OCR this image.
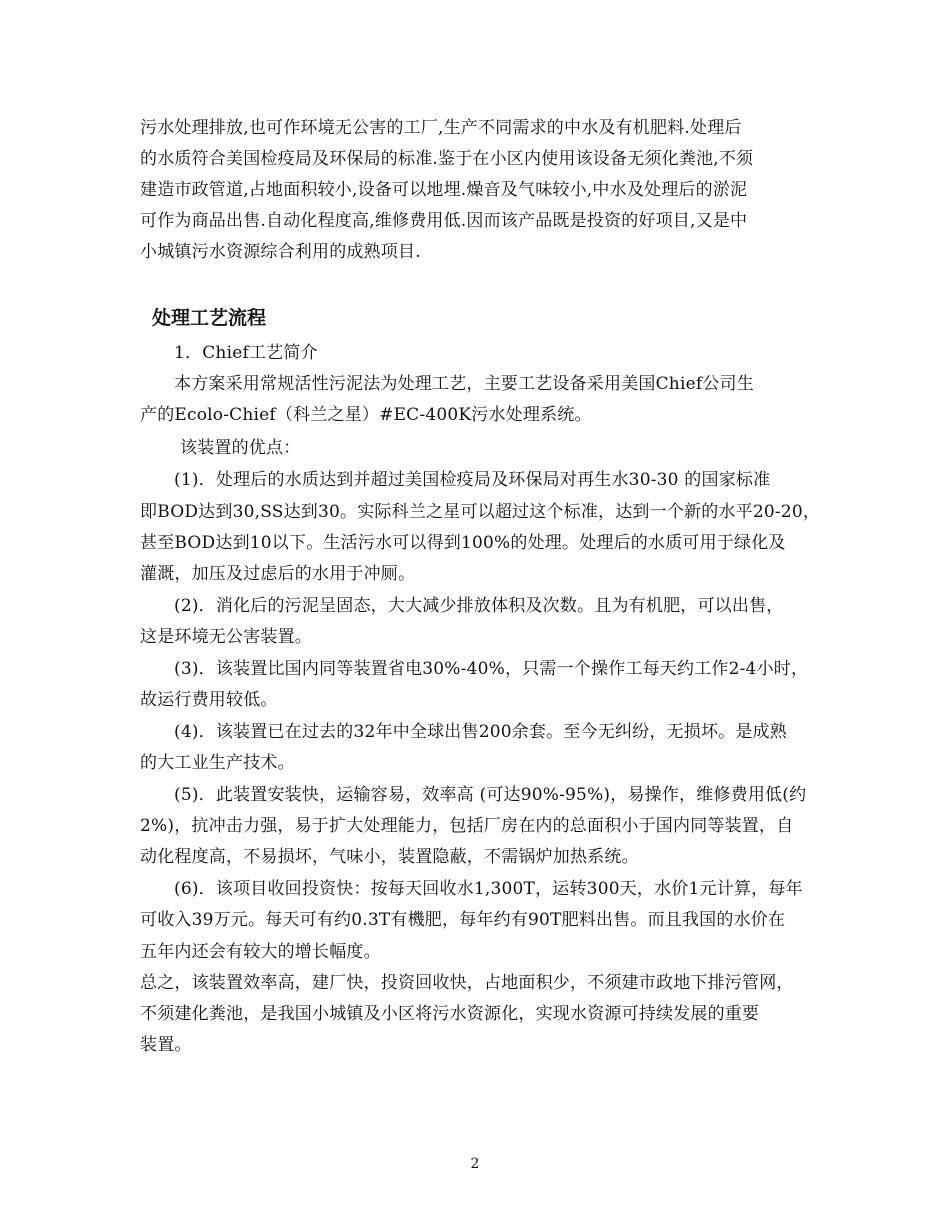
污水处理排放,也可作环境无公害的工厂,生产不同需求的中水及有机肥料.处理后
的水质符合美国检疫局及环保局的标准.鉴于在小区内使用该设备无须化粪池,不须
建造市政管道,占地面积较小,设备可以地埋.燥音及气味较小,中水及处理后的淤泥
可作为商品出售.自动化程度高,维修费用低.因而该产品既是投资的好项目,又是中
小城镇污水资源综合利用的成熟项目.
处理工艺流程
1．Chief工艺简介
本方案采用常规活性污泥法为处理工艺，主要工艺设备采用美国Chief公司生
产的Ecolo-Chief（科兰之星）#EC-400K污水处理系统。
该装置的优点：
(1)．处理后的水质达到并超过美国检疫局及环保局对再生水30-30 的国家标准
即BOD达到30,SS达到30。实际科兰之星可以超过这个标准，达到一个新的水平20-20，
甚至BOD达到10以下。生活污水可以得到100%的处理。处理后的水质可用于绿化及
灌溉，加压及过虑后的水用于冲厕。
(2)．消化后的污泥呈固态，大大减少排放体积及次数。且为有机肥，可以出售，
这是环境无公害装置。
(3)．该装置比国内同等装置省电30%-40%，只需一个操作工每天约工作2-4小时，
故运行费用较低。
(4)．该装置已在过去的32年中全球出售200余套。至今无纠纷，无损坏。是成熟
的大工业生产技术。
(5)．此装置安装快，运输容易，效率高 (可达90%-95%)，易操作，维修费用低(约
2%)，抗冲击力强，易于扩大处理能力，包括厂房在内的总面积小于国内同等装置，自
动化程度高，不易损坏，气味小，装置隐蔽，不需锅炉加热系统。
(6)．该项目收回投资快：按每天回收水1,300T，运转300天，水价1元计算，每年
可收入39万元。每天可有约0.3T有機肥，每年约有90T肥料出售。而且我国的水价在
五年内还会有较大的增长幅度。
总之，该装置效率高，建厂快，投资回收快，占地面积少，不须建市政地下排污管网，
不须建化粪池，是我国小城镇及小区将污水资源化，实现水资源可持续发展的重要
装置。
2
